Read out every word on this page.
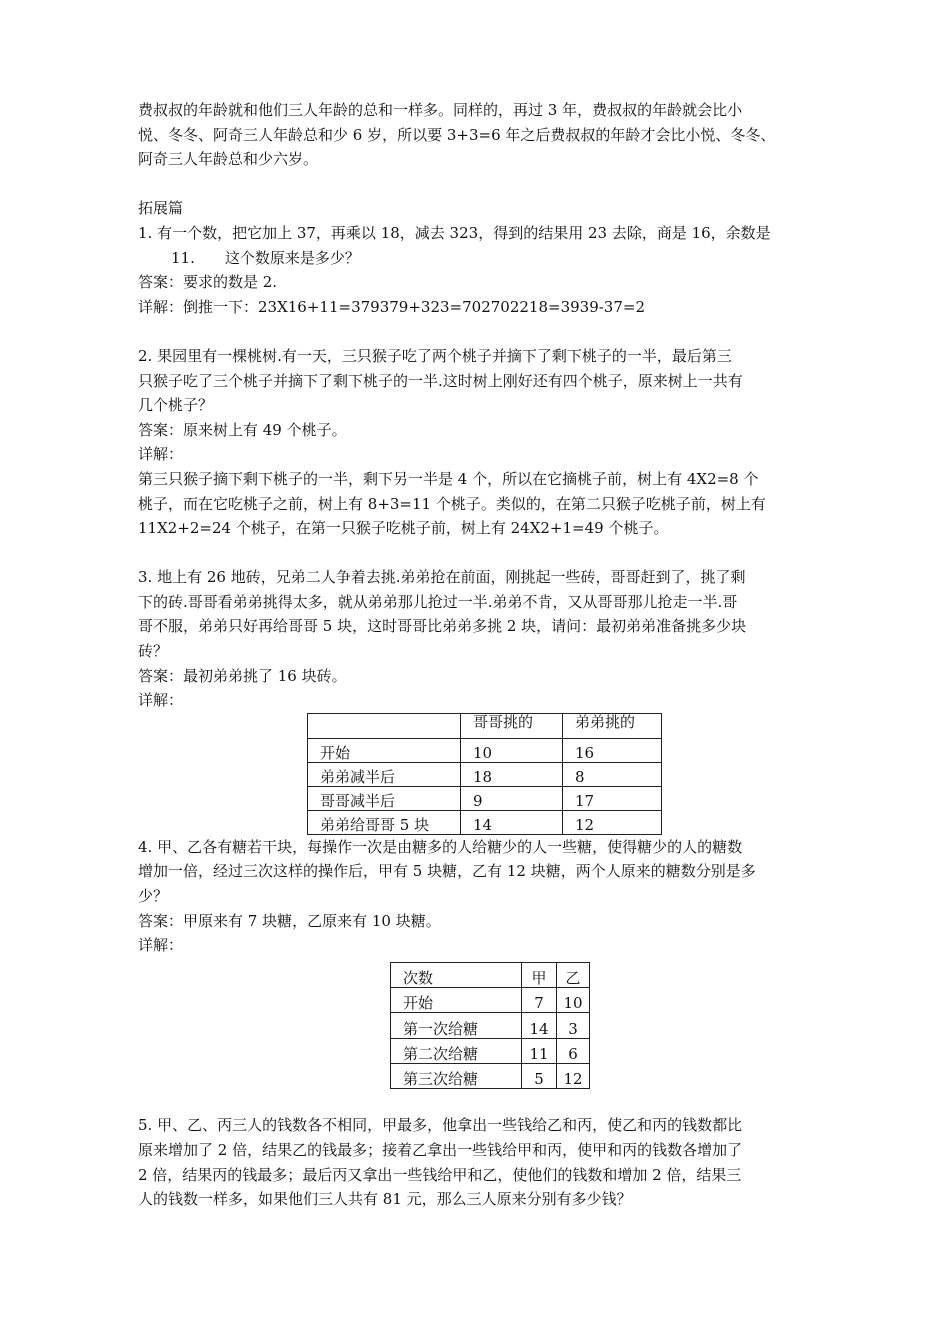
费叔叔的年龄就和他们三人年龄的总和一样多。同样的，再过 3 年，费叔叔的年龄就会比小

悦、冬冬、阿奇三人年龄总和少 6 岁，所以要 3+3=6 年之后费叔叔的年龄才会比小悦、冬冬、

阿奇三人年龄总和少六岁。

拓展篇

1. 有一个数，把它加上 37，再乘以 18，减去 323，得到的结果用 23 去除，商是 16，余数是

11. 这个数原来是多少？

答案：要求的数是 2.

详解：倒推一下：23X16+11=379379+323=702702218=3939-37=2

2. 果园里有一棵桃树.有一天，三只猴子吃了两个桃子并摘下了剩下桃子的一半，最后第三

只猴子吃了三个桃子并摘下了剩下桃子的一半.这时树上刚好还有四个桃子，原来树上一共有

几个桃子？

答案：原来树上有 49 个桃子。

详解：

第三只猴子摘下剩下桃子的一半，剩下另一半是 4 个，所以在它摘桃子前，树上有 4X2=8 个

桃子，而在它吃桃子之前，树上有 8+3=11 个桃子。类似的，在第二只猴子吃桃子前，树上有

11X2+2=24 个桃子，在第一只猴子吃桃子前，树上有 24X2+1=49 个桃子。

3. 地上有 26 地砖，兄弟二人争着去挑.弟弟抢在前面，刚挑起一些砖，哥哥赶到了，挑了剩

下的砖.哥哥看弟弟挑得太多，就从弟弟那儿抢过一半.弟弟不肯，又从哥哥那儿抢走一半.哥

哥不服，弟弟只好再给哥哥 5 块，这时哥哥比弟弟多挑 2 块，请问：最初弟弟准备挑多少块

砖？

答案：最初弟弟挑了 16 块砖。

详解：

	哥哥挑的	弟弟挑的
开始	10	16
弟弟减半后	18	8
哥哥减半后	9	17
弟弟给哥哥 5 块	14	12

4. 甲、乙各有糖若干块，每操作一次是由糖多的人给糖少的人一些糖，使得糖少的人的糖数

增加一倍，经过三次这样的操作后，甲有 5 块糖，乙有 12 块糖，两个人原来的糖数分别是多

少？

答案：甲原来有 7 块糖，乙原来有 10 块糖。

详解：

次数	甲	乙
开始	7	10
第一次给糖	14	3
第二次给糖	11	6
第三次给糖	5	12

5. 甲、乙、丙三人的钱数各不相同，甲最多，他拿出一些钱给乙和丙，使乙和丙的钱数都比

原来增加了 2 倍，结果乙的钱最多；接着乙拿出一些钱给甲和丙，使甲和丙的钱数各增加了

2 倍，结果丙的钱最多；最后丙又拿出一些钱给甲和乙，使他们的钱数和增加 2 倍，结果三

人的钱数一样多，如果他们三人共有 81 元，那么三人原来分别有多少钱？
